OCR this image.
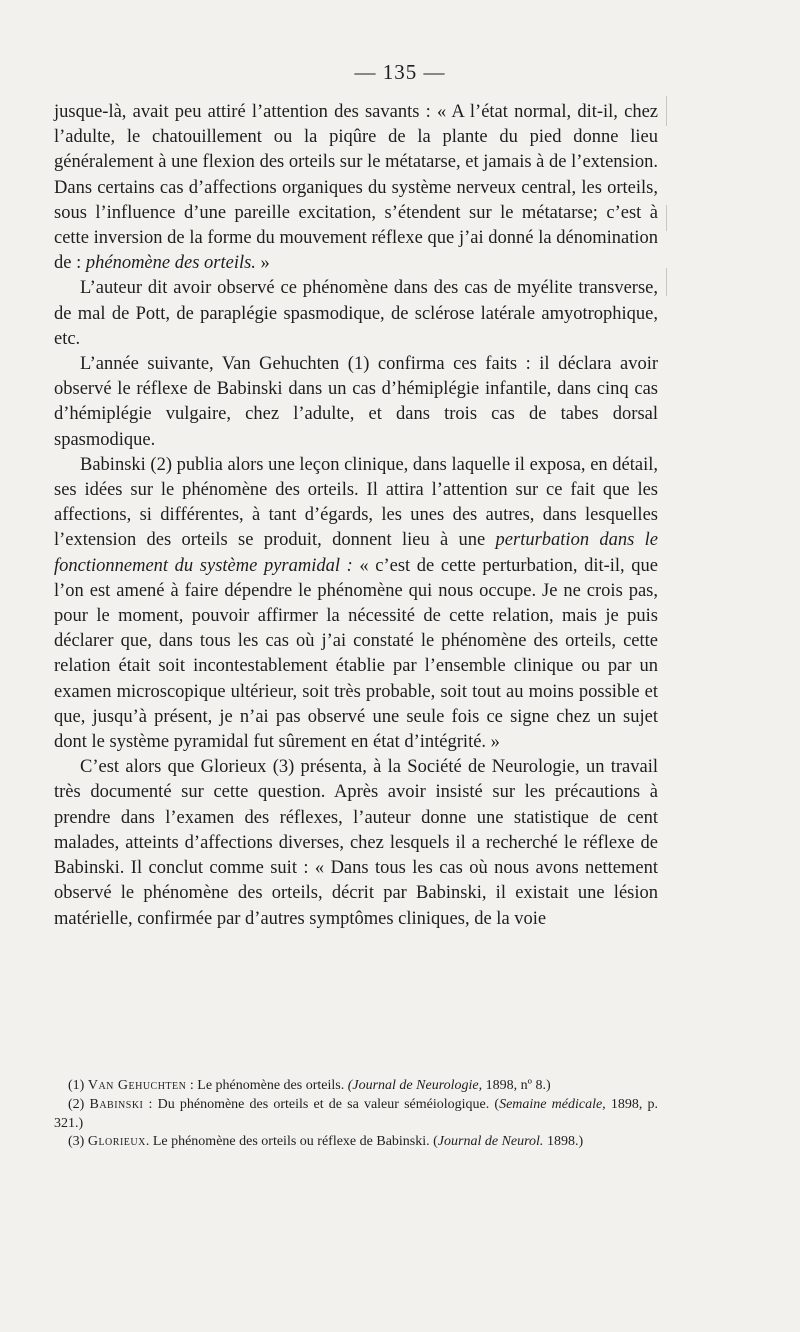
— 135 —

jusque-là, avait peu attiré l’attention des savants : « A l’état normal, dit-il, chez l’adulte, le chatouillement ou la piqûre de la plante du pied donne lieu généralement à une flexion des orteils sur le métatarse, et jamais à de l’extension. Dans certains cas d’affections organiques du système nerveux central, les orteils, sous l’influence d’une pareille excitation, s’étendent sur le métatarse; c’est à cette inversion de la forme du mouvement réflexe que j’ai donné la dénomination de : phénomène des orteils. »

L’auteur dit avoir observé ce phénomène dans des cas de myélite transverse, de mal de Pott, de paraplégie spasmodique, de sclérose latérale amyotrophique, etc.

L’année suivante, Van Gehuchten (1) confirma ces faits : il déclara avoir observé le réflexe de Babinski dans un cas d’hémiplégie infantile, dans cinq cas d’hémiplégie vulgaire, chez l’adulte, et dans trois cas de tabes dorsal spasmodique.

Babinski (2) publia alors une leçon clinique, dans laquelle il exposa, en détail, ses idées sur le phénomène des orteils. Il attira l’attention sur ce fait que les affections, si différentes, à tant d’égards, les unes des autres, dans lesquelles l’extension des orteils se produit, donnent lieu à une perturbation dans le fonctionnement du système pyramidal : « c’est de cette perturbation, dit-il, que l’on est amené à faire dépendre le phénomène qui nous occupe. Je ne crois pas, pour le moment, pouvoir affirmer la nécessité de cette relation, mais je puis déclarer que, dans tous les cas où j’ai constaté le phénomène des orteils, cette relation était soit incontestablement établie par l’ensemble clinique ou par un examen microscopique ultérieur, soit très probable, soit tout au moins possible et que, jusqu’à présent, je n’ai pas observé une seule fois ce signe chez un sujet dont le système pyramidal fut sûrement en état d’intégrité. »

C’est alors que Glorieux (3) présenta, à la Société de Neurologie, un travail très documenté sur cette question. Après avoir insisté sur les précautions à prendre dans l’examen des réflexes, l’auteur donne une statistique de cent malades, atteints d’affections diverses, chez lesquels il a recherché le réflexe de Babinski. Il conclut comme suit : « Dans tous les cas où nous avons nettement observé le phénomène des orteils, décrit par Babinski, il existait une lésion matérielle, confirmée par d’autres symptômes cliniques, de la voie

(1) Van Gehuchten : Le phénomène des orteils. (Journal de Neurologie, 1898, nº 8.)

(2) Babinski : Du phénomène des orteils et de sa valeur séméiologique. (Semaine médicale, 1898, p. 321.)

(3) Glorieux. Le phénomène des orteils ou réflexe de Babinski. (Journal de Neurol. 1898.)
